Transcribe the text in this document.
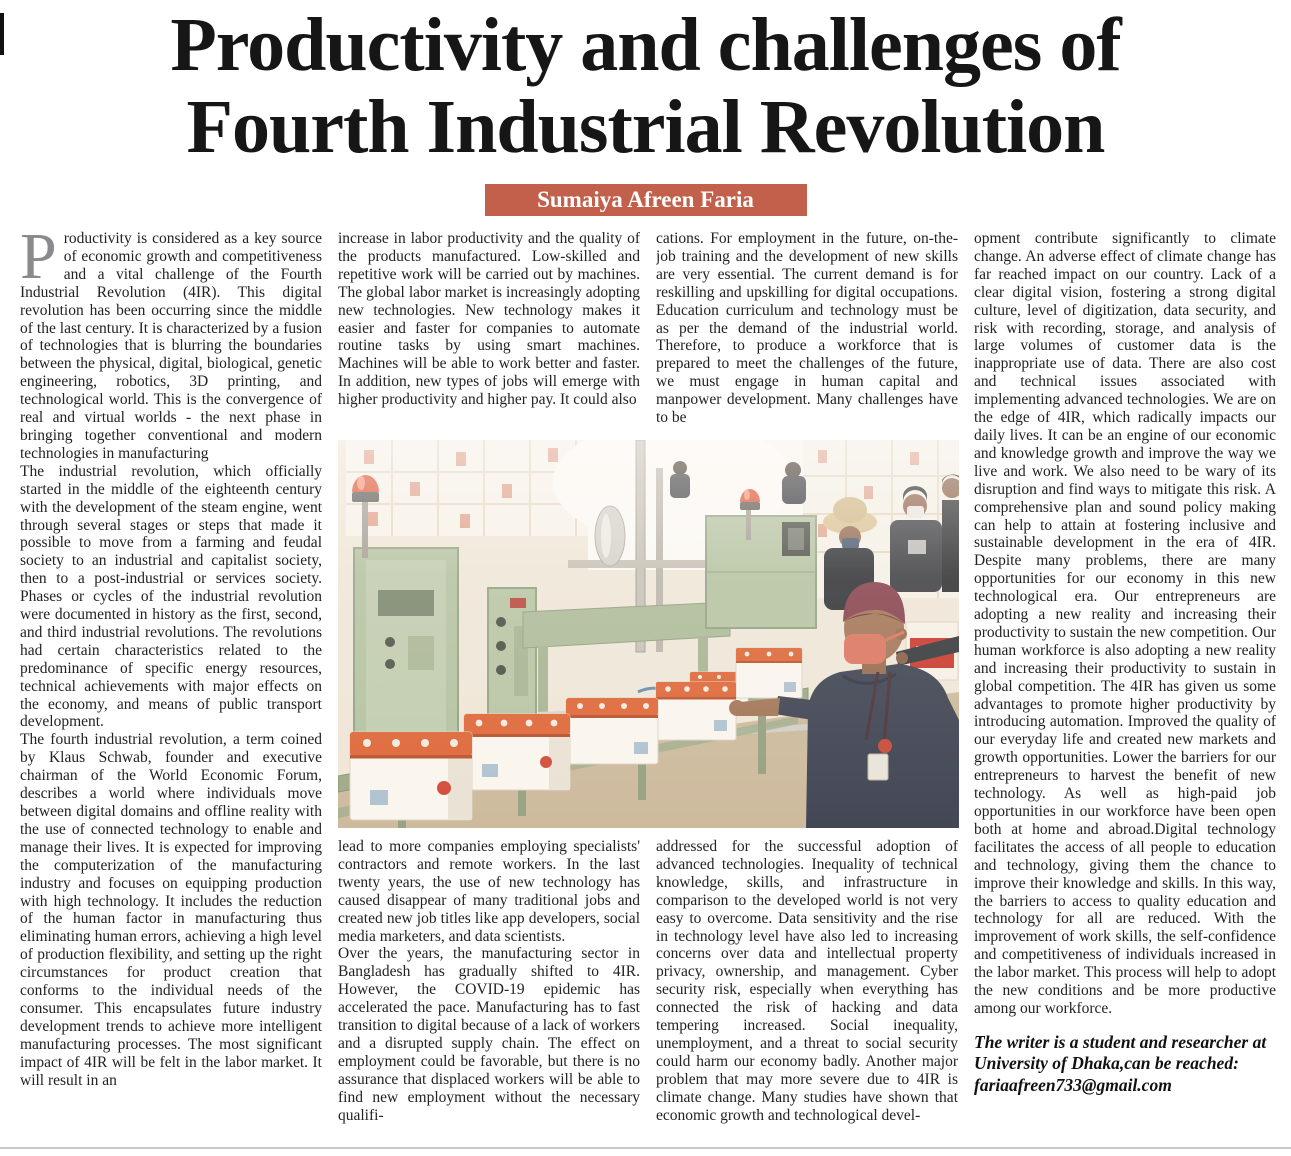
Productivity and challenges of
Fourth Industrial Revolution
Sumaiya Afreen Faria

Productivity is considered as a key source of economic growth and competitiveness and a vital challenge of the Fourth Industrial Revolution (4IR). This digital revolution has been occurring since the middle of the last century. It is characterized by a fusion of technologies that is blurring the boundaries between the physical, digital, biological, genetic engineering, robotics, 3D printing, and technological world. This is the convergence of real and virtual worlds - the next phase in bringing together conventional and modern technologies in manufacturing

The industrial revolution, which officially started in the middle of the eighteenth century with the development of the steam engine, went through several stages or steps that made it possible to move from a farming and feudal society to an industrial and capitalist society, then to a post-industrial or services society. Phases or cycles of the industrial revolution were documented in history as the first, second, and third industrial revolutions. The revolutions had certain characteristics related to the predominance of specific energy resources, technical achievements with major effects on the economy, and means of public transport development.

The fourth industrial revolution, a term coined by Klaus Schwab, founder and executive chairman of the World Economic Forum, describes a world where individuals move between digital domains and offline reality with the use of connected technology to enable and manage their lives. It is expected for improving the computerization of the manufacturing industry and focuses on equipping production with high technology. It includes the reduction of the human factor in manufacturing thus eliminating human errors, achieving a high level of production flexibility, and setting up the right circumstances for product creation that conforms to the individual needs of the consumer. This encapsulates future industry development trends to achieve more intelligent manufacturing processes. The most significant impact of 4IR will be felt in the labor market. It will result in an

increase in labor productivity and the quality of the products manufactured. Low-skilled and repetitive work will be carried out by machines. The global labor market is increasingly adopting new technologies. New technology makes it easier and faster for companies to automate routine tasks by using smart machines. Machines will be able to work better and faster. In addition, new types of jobs will emerge with higher productivity and higher pay. It could also

lead to more companies employing specialists' contractors and remote workers. In the last twenty years, the use of new technology has caused disappear of many traditional jobs and created new job titles like app developers, social media marketers, and data scientists.

Over the years, the manufacturing sector in Bangladesh has gradually shifted to 4IR. However, the COVID-19 epidemic has accelerated the pace. Manufacturing has to fast transition to digital because of a lack of workers and a disrupted supply chain. The effect on employment could be favorable, but there is no assurance that displaced workers will be able to find new employment without the necessary qualifi-

cations. For employment in the future, on-the-job training and the development of new skills are very essential. The current demand is for reskilling and upskilling for digital occupations. Education curriculum and technology must be as per the demand of the industrial world. Therefore, to produce a workforce that is prepared to meet the challenges of the future, we must engage in human capital and manpower development. Many challenges have to be

addressed for the successful adoption of advanced technologies. Inequality of technical knowledge, skills, and infrastructure in comparison to the developed world is not very easy to overcome. Data sensitivity and the rise in technology level have also led to increasing concerns over data and intellectual property privacy, ownership, and management. Cyber security risk, especially when everything has connected the risk of hacking and data tempering increased. Social inequality, unemployment, and a threat to social security could harm our economy badly. Another major problem that may more severe due to 4IR is climate change. Many studies have shown that economic growth and technological devel-

opment contribute significantly to climate change. An adverse effect of climate change has far reached impact on our country. Lack of a clear digital vision, fostering a strong digital culture, level of digitization, data security, and risk with recording, storage, and analysis of large volumes of customer data is the inappropriate use of data. There are also cost and technical issues associated with implementing advanced technologies. We are on the edge of 4IR, which radically impacts our daily lives. It can be an engine of our economic and knowledge growth and improve the way we live and work. We also need to be wary of its disruption and find ways to mitigate this risk. A comprehensive plan and sound policy making can help to attain at fostering inclusive and sustainable development in the era of 4IR. Despite many problems, there are many opportunities for our economy in this new technological era. Our entrepreneurs are adopting a new reality and increasing their productivity to sustain the new competition. Our human workforce is also adopting a new reality and increasing their productivity to sustain in global competition. The 4IR has given us some advantages to promote higher productivity by introducing automation. Improved the quality of our everyday life and created new markets and growth opportunities. Lower the barriers for our entrepreneurs to harvest the benefit of new technology. As well as high-paid job opportunities in our workforce have been open both at home and abroad.Digital technology facilitates the access of all people to education and technology, giving them the chance to improve their knowledge and skills. In this way, the barriers to access to quality education and technology for all are reduced. With the improvement of work skills, the self-confidence and competitiveness of individuals increased in the labor market. This process will help to adopt the new conditions and be more productive among our workforce.

The writer is a student and researcher at University of Dhaka,can be reached: fariaafreen733@gmail.com
